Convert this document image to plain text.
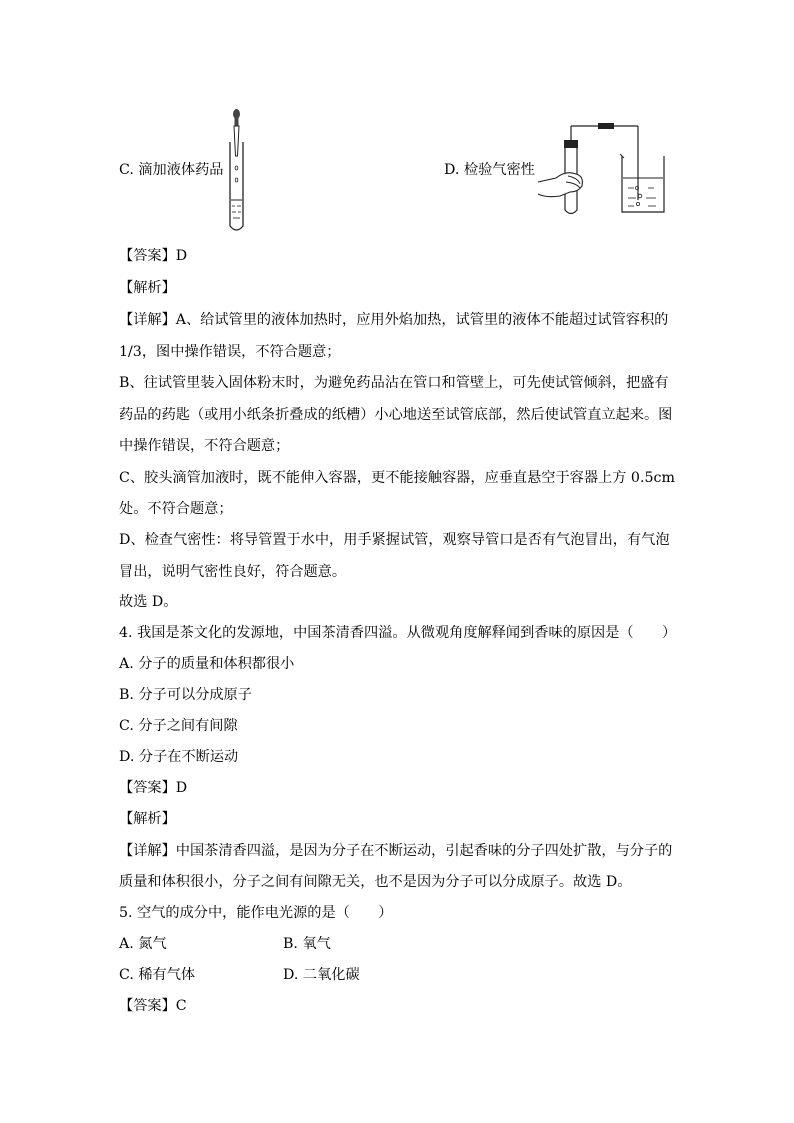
C. 滴加液体药品	D. 检验气密性
【答案】D
【解析】
【详解】A、给试管里的液体加热时，应用外焰加热，试管里的液体不能超过试管容积的
1/3，图中操作错误，不符合题意；
B、往试管里装入固体粉末时，为避免药品沾在管口和管壁上，可先使试管倾斜，把盛有
药品的药匙（或用小纸条折叠成的纸槽）小心地送至试管底部，然后使试管直立起来。图
中操作错误，不符合题意；
C、胶头滴管加液时，既不能伸入容器，更不能接触容器，应垂直悬空于容器上方 0.5cm
处。不符合题意；
D、检查气密性：将导管置于水中，用手紧握试管，观察导管口是否有气泡冒出，有气泡
冒出，说明气密性良好，符合题意。
故选 D。
4. 我国是茶文化的发源地，中国茶清香四溢。从微观角度解释闻到香味的原因是（　　）
A. 分子的质量和体积都很小
B. 分子可以分成原子
C. 分子之间有间隙
D. 分子在不断运动
【答案】D
【解析】
【详解】中国茶清香四溢，是因为分子在不断运动，引起香味的分子四处扩散，与分子的
质量和体积很小，分子之间有间隙无关，也不是因为分子可以分成原子。故选 D。
5. 空气的成分中，能作电光源的是（　　）
A. 氮气	B. 氧气
C. 稀有气体	D. 二氧化碳
【答案】C
